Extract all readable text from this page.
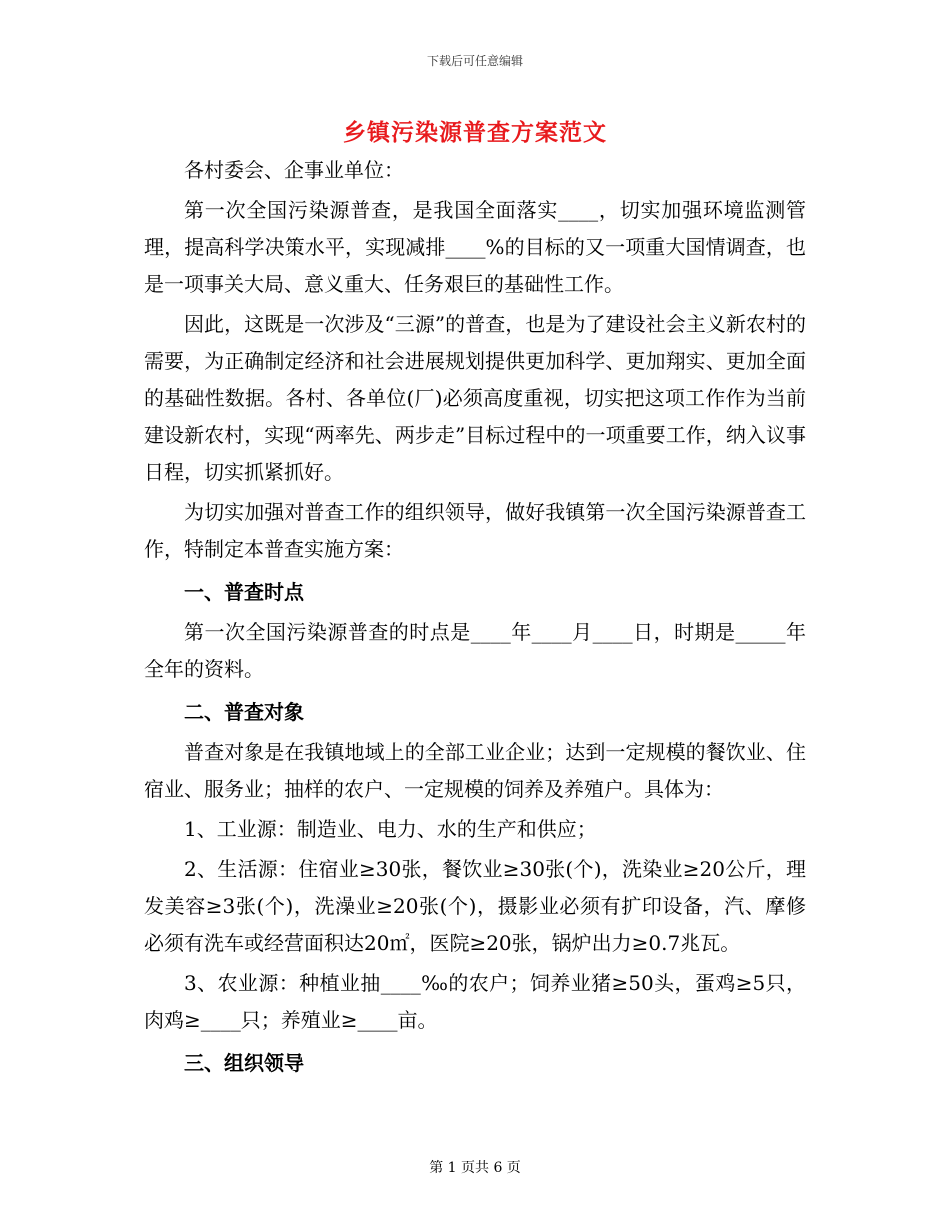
下载后可任意编辑
乡镇污染源普查方案范文

各村委会、企事业单位：

第一次全国污染源普查，是我国全面落实____，切实加强环境监测管理，提高科学决策水平，实现减排____%的目标的又一项重大国情调查，也是一项事关大局、意义重大、任务艰巨的基础性工作。

因此，这既是一次涉及“三源”的普查，也是为了建设社会主义新农村的需要，为正确制定经济和社会进展规划提供更加科学、更加翔实、更加全面的基础性数据。各村、各单位(厂)必须高度重视，切实把这项工作作为当前建设新农村，实现“两率先、两步走”目标过程中的一项重要工作，纳入议事日程，切实抓紧抓好。

为切实加强对普查工作的组织领导，做好我镇第一次全国污染源普查工作，特制定本普查实施方案：

一、普查时点

第一次全国污染源普查的时点是____年____月____日，时期是_____年全年的资料。

二、普查对象

普查对象是在我镇地域上的全部工业企业；达到一定规模的餐饮业、住宿业、服务业；抽样的农户、一定规模的饲养及养殖户。具体为：

1、工业源：制造业、电力、水的生产和供应；

2、生活源：住宿业≥30张，餐饮业≥30张(个)，洗染业≥20公斤，理发美容≥3张(个)，洗澡业≥20张(个)，摄影业必须有扩印设备，汽、摩修必须有洗车或经营面积达20㎡，医院≥20张，锅炉出力≥0.7兆瓦。

3、农业源：种植业抽____‰的农户；饲养业猪≥50头，蛋鸡≥5只，肉鸡≥____只；养殖业≥____亩。

三、组织领导

第 1 页共 6 页
